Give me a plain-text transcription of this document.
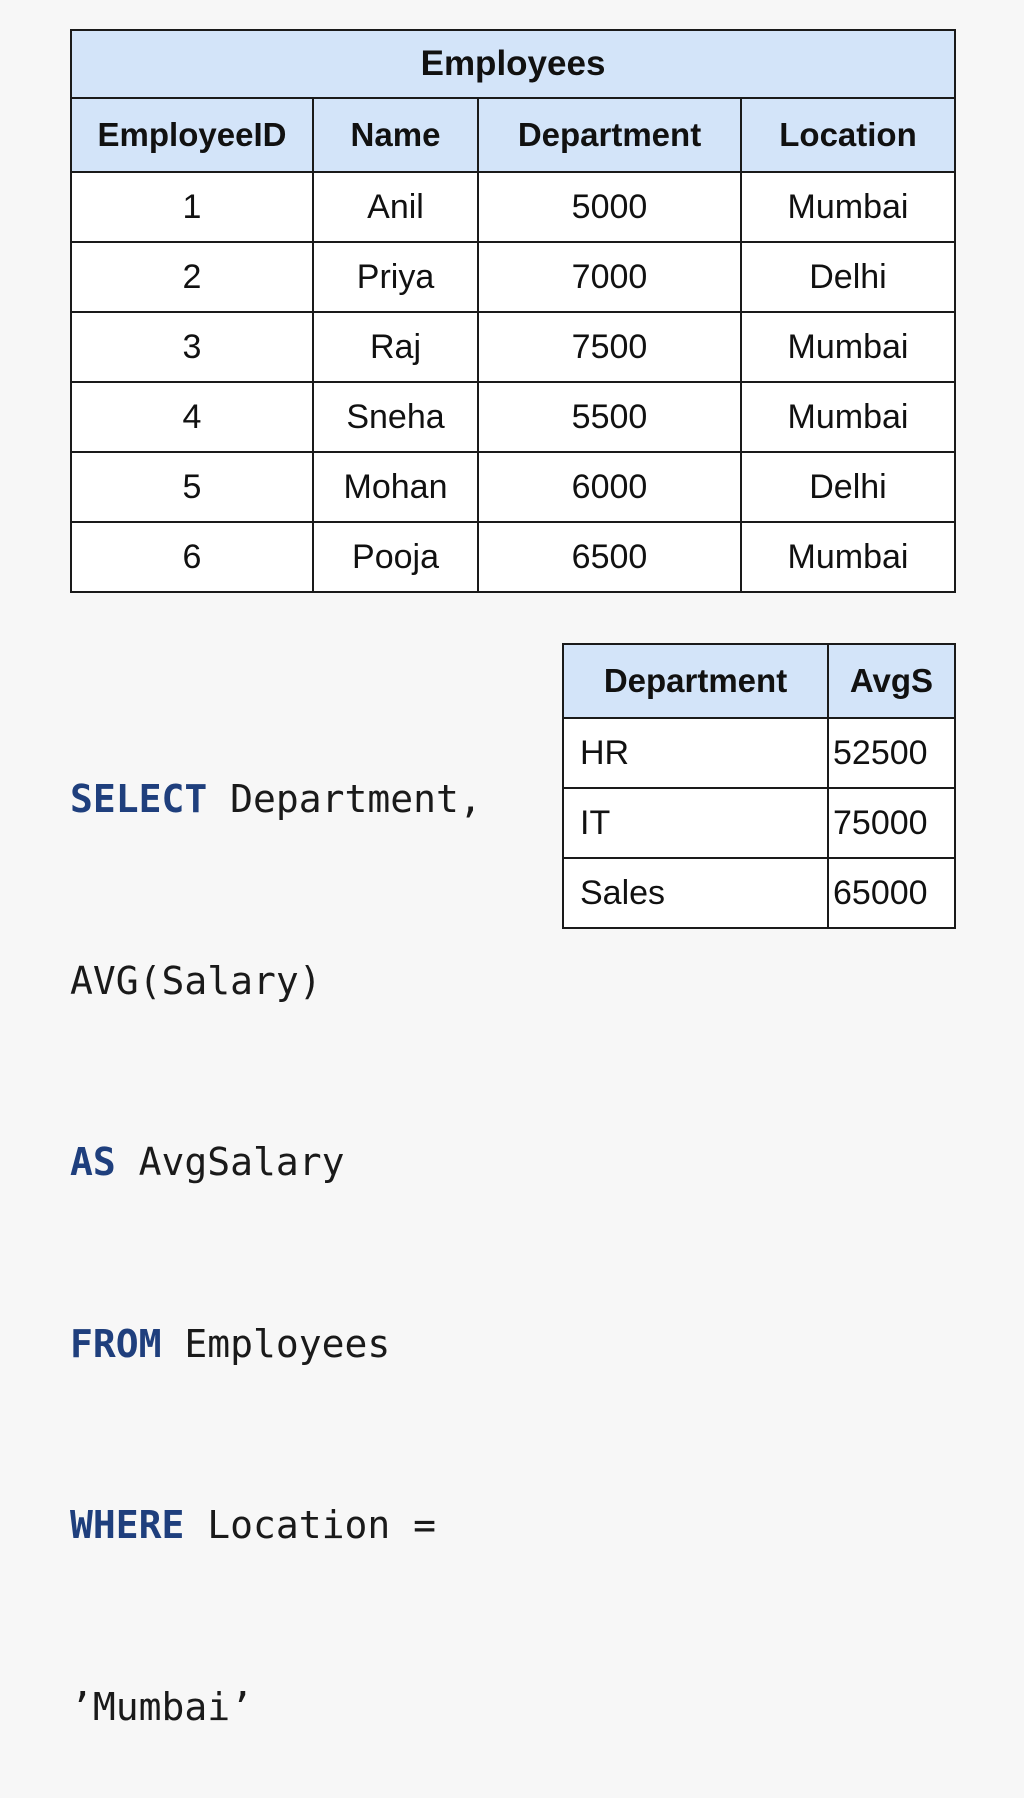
Employees			
EmployeeID	Name	Department	Location
1	Anil	5000	Mumbai
2	Priya	7000	Delhi
3	Raj	7500	Mumbai
4	Sneha	5500	Mumbai
5	Mohan	6000	Delhi
6	Pooja	6500	Mumbai

SELECT Department,

AVG(Salary)

AS AvgSalary

FROM Employees

WHERE Location =

’Mumbai’

Department	AvgS
HR	52500
IT	75000
Sales	65000
